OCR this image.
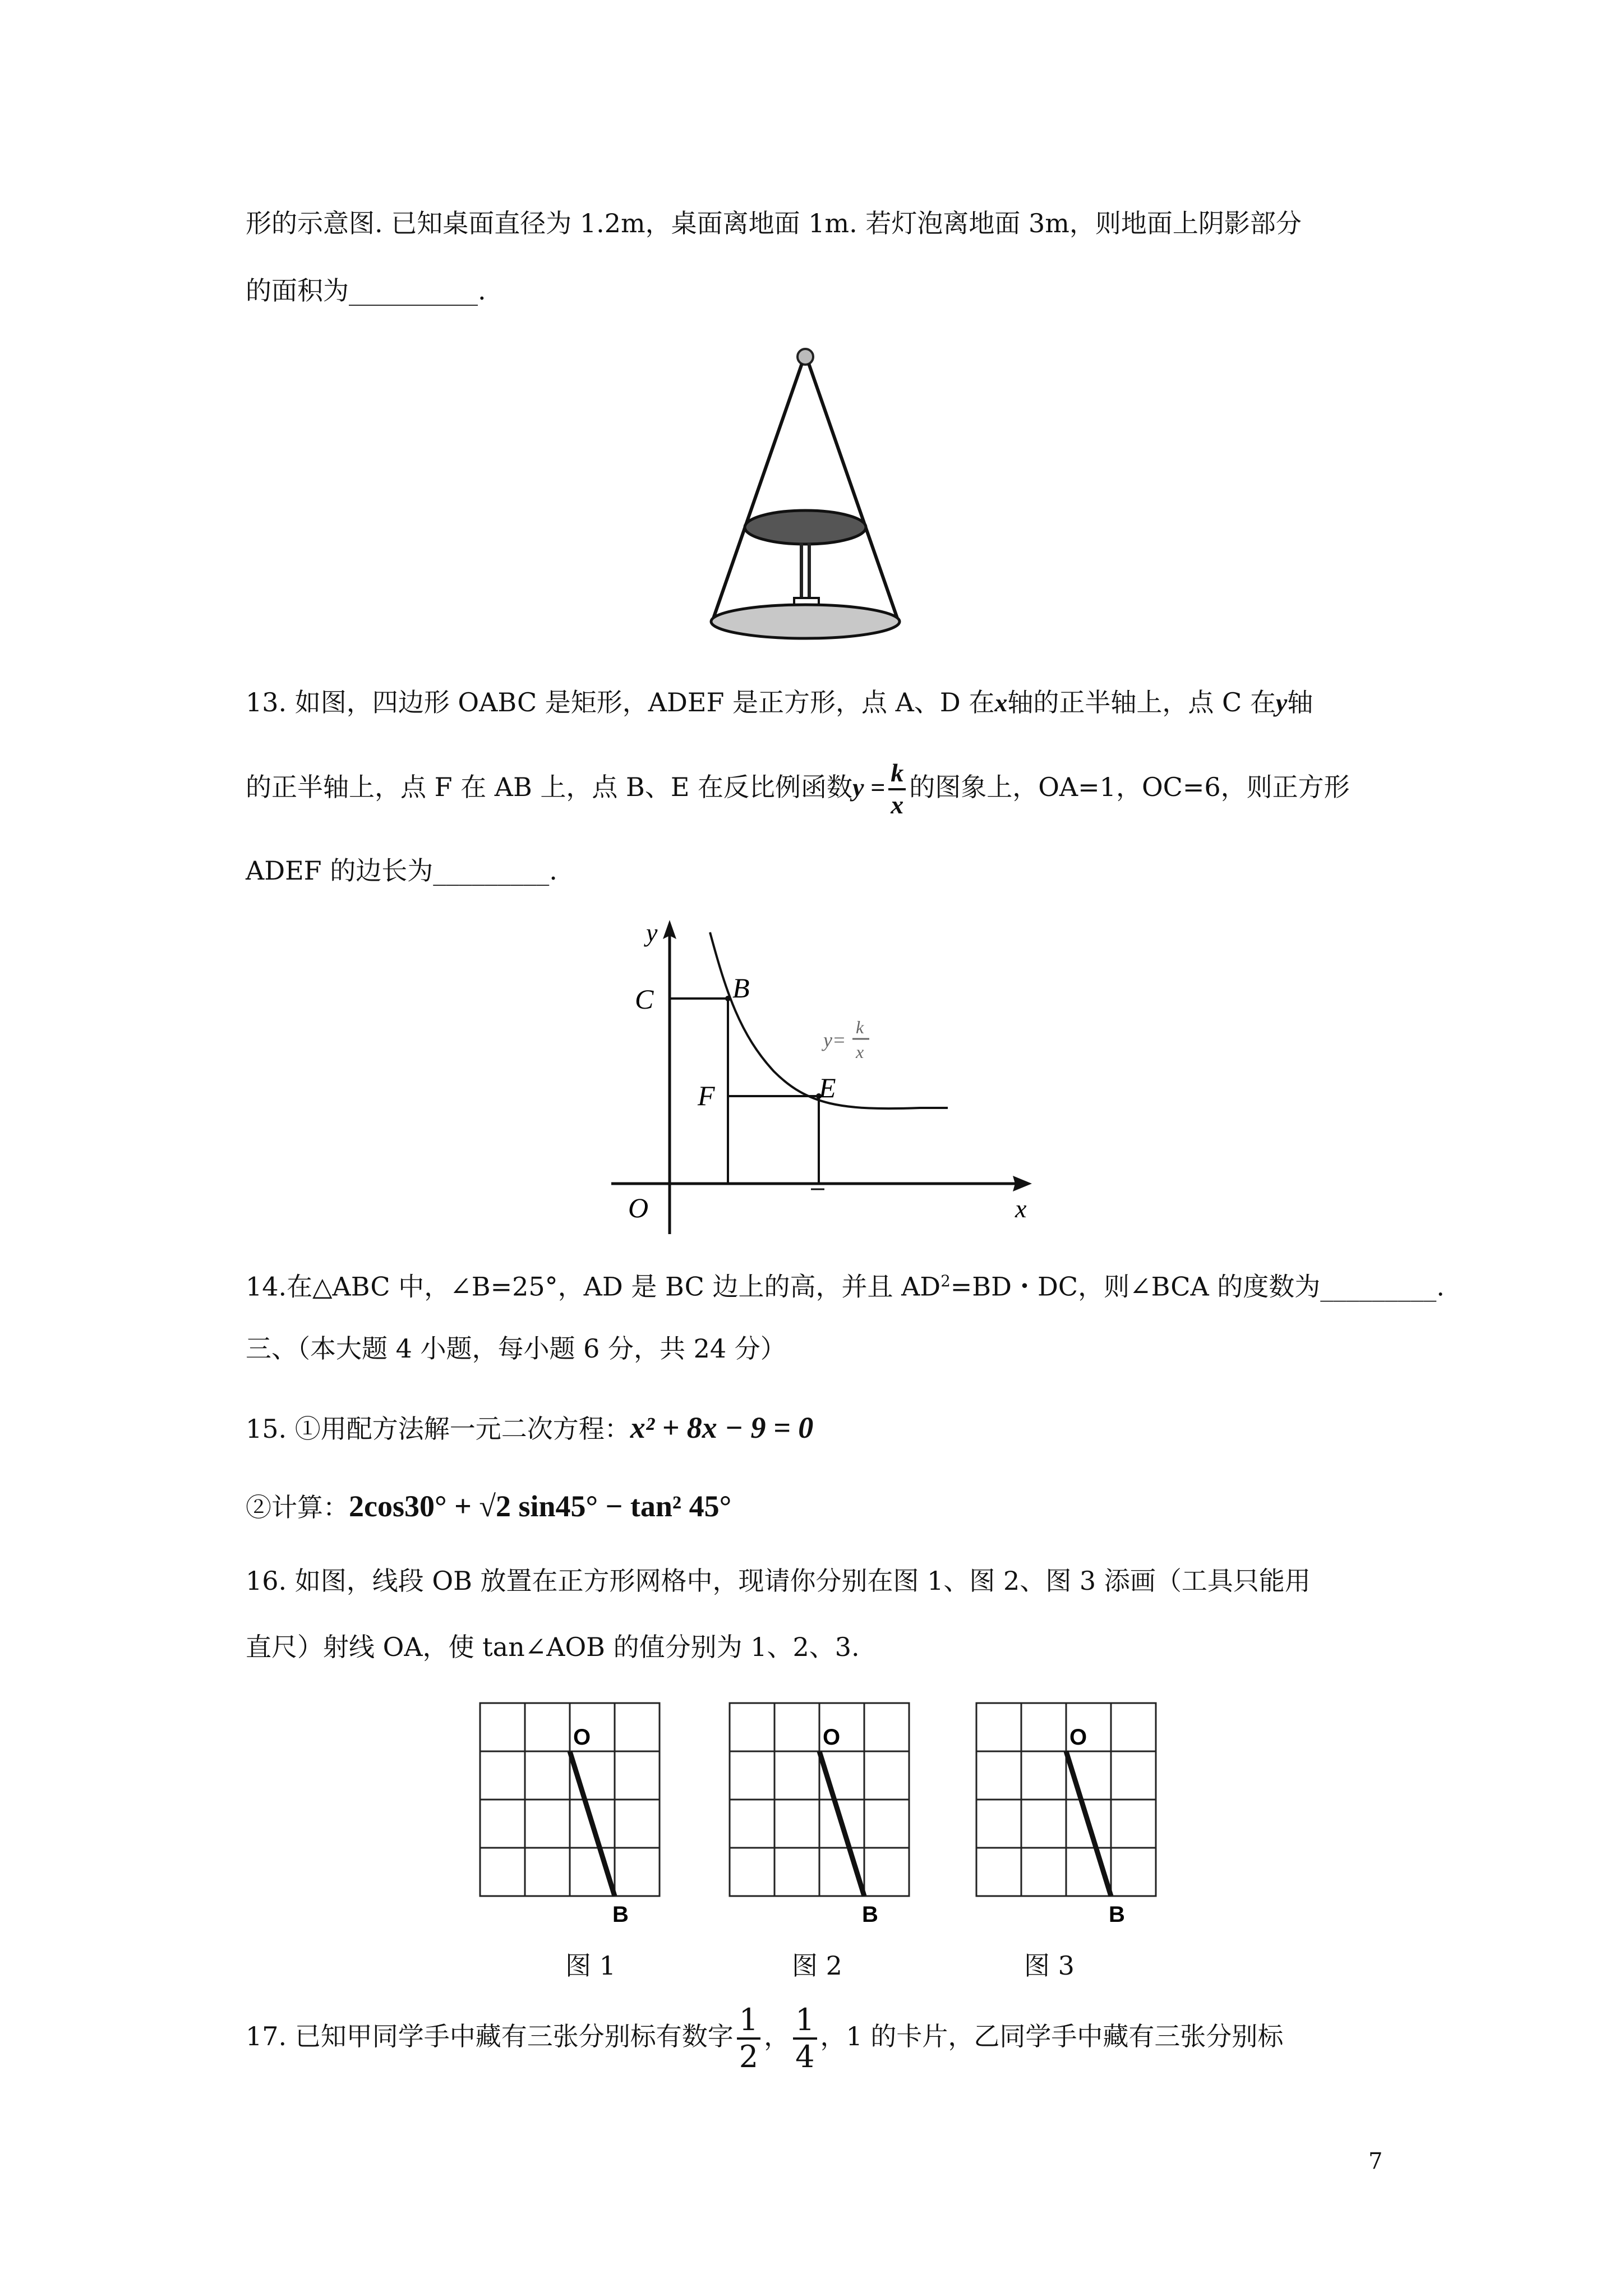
形的示意图. 已知桌面直径为 1.2m，桌面离地面 1m. 若灯泡离地面 3m，则地面上阴影部分
的面积为__________.
13. 如图，四边形 OABC 是矩形，ADEF 是正方形，点 A、D 在x轴的正半轴上，点 C 在y轴
的正半轴上，点 F 在 AB 上，点 B、E 在反比例函数$y = \frac{k}{x}$ 的图象上，OA=1，OC=6，则正方形
ADEF 的边长为_________.
y
x
O
C	B
F	E
y=
k
x
14.在△ABC 中，∠B=25°，AD 是 BC 边上的高，并且 $AD^2=BD$・DC，则∠BCA 的度数为_________.
三、（本大题 4 小题，每小题 6 分，共 24 分）
15. ①用配方法解一元二次方程：x² + 8x − 9 = 0
②计算：2cos30° + √2 sin45° − tan² 45°
16. 如图，线段 OB 放置在正方形网格中，现请你分别在图 1、图 2、图 3 添画（工具只能用
直尺）射线 OA，使 tan∠AOB 的值分别为 1、2、3.
O
B
O
B
O
B
图 1	图 2	图 3
17. 已知甲同学手中藏有三张分别标有数字 $\frac{1}{2}$ ， $\frac{1}{4}$ ，1 的卡片，乙同学手中藏有三张分别标
7
